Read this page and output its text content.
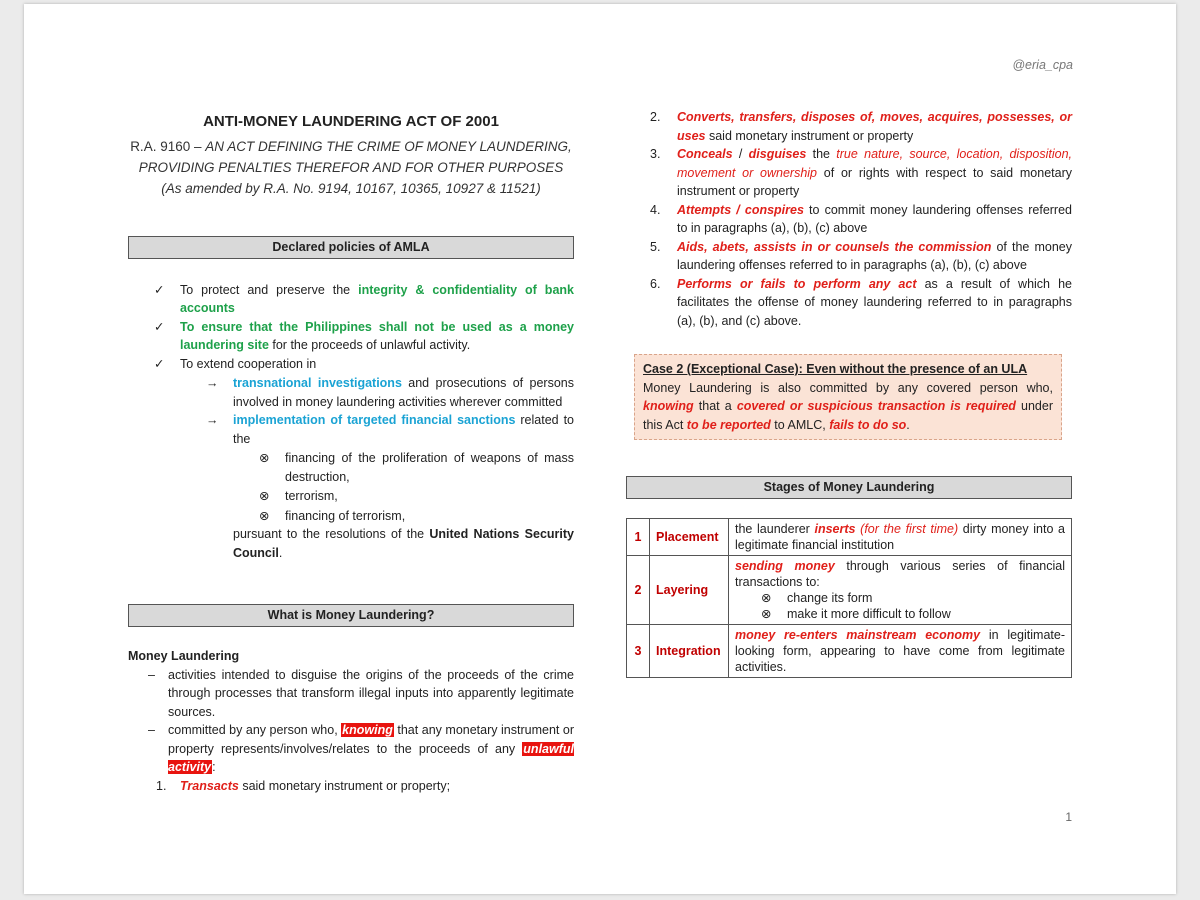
@eria_cpa
ANTI-MONEY LAUNDERING ACT OF 2001
R.A. 9160 – AN ACT DEFINING THE CRIME OF MONEY LAUNDERING,
PROVIDING PENALTIES THEREFOR AND FOR OTHER PURPOSES
(As amended by R.A. No. 9194, 10167, 10365, 10927 & 11521)
Declared policies of AMLA
✓ To protect and preserve the integrity & confidentiality of bank accounts
✓ To ensure that the Philippines shall not be used as a money laundering site for the proceeds of unlawful activity.
✓ To extend cooperation in
→ transnational investigations and prosecutions of persons involved in money laundering activities wherever committed
→ implementation of targeted financial sanctions related to the
⊗ financing of the proliferation of weapons of mass destruction,
⊗ terrorism,
⊗ financing of terrorism,
pursuant to the resolutions of the United Nations Security Council.
What is Money Laundering?
Money Laundering
– activities intended to disguise the origins of the proceeds of the crime through processes that transform illegal inputs into apparently legitimate sources.
– committed by any person who, knowing that any monetary instrument or property represents/involves/relates to the proceeds of any unlawful activity:
1. Transacts said monetary instrument or property;
2. Converts, transfers, disposes of, moves, acquires, possesses, or uses said monetary instrument or property
3. Conceals / disguises the true nature, source, location, disposition, movement or ownership of or rights with respect to said monetary instrument or property
4. Attempts / conspires to commit money laundering offenses referred to in paragraphs (a), (b), (c) above
5. Aids, abets, assists in or counsels the commission of the money laundering offenses referred to in paragraphs (a), (b), (c) above
6. Performs or fails to perform any act as a result of which he facilitates the offense of money laundering referred to in paragraphs (a), (b), and (c) above.
Case 2 (Exceptional Case): Even without the presence of an ULA
Money Laundering is also committed by any covered person who, knowing that a covered or suspicious transaction is required under this Act to be reported to AMLC, fails to do so.
Stages of Money Laundering
1	Placement	the launderer inserts (for the first time) dirty money into a legitimate financial institution
2	Layering	sending money through various series of financial transactions to:
⊗ change its form
⊗ make it more difficult to follow

3	Integration	money re-enters mainstream economy in legitimate-looking form, appearing to have come from legitimate activities.
1
